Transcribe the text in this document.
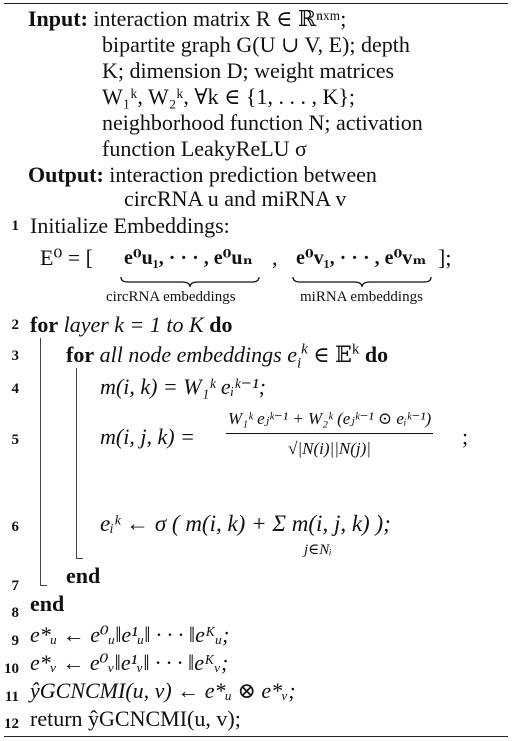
Input: interaction matrix R ∈ ℝⁿˣᵐ;
bipartite graph G(U ∪ V, E); depth
K; dimension D; weight matrices
W₁ᵏ, W₂ᵏ, ∀k ∈ {1, . . . , K};
neighborhood function N; activation
function LeakyReLU σ
Output: interaction prediction between
circRNA u and miRNA v
1 Initialize Embeddings:
E⁰ = [ e⁰u₁, · · · , e⁰uₙ , e⁰v₁, · · · , e⁰vₘ ];
circRNA embeddings	miRNA embeddings
2 for layer k = 1 to K do
3 for all node embeddings $e_i^k$ ∈ 𝔼$^k$ do
4	m(i, k) = W₁ᵏ eᵢᵏ⁻¹;
5	m(i, j, $k) = \frac{\text{W₁ᵏ eⱼᵏ⁻¹ + W₂ᵏ (eⱼᵏ⁻¹ ⊙ eᵢᵏ⁻¹)}}{√|N(i)||N(j)|}$ ;
6	eᵢᵏ ← σ ( m(i, k) + Σ m(i, j, k) );
j∈Nᵢ
7 end
8 end
9 e*ᵤ ← e⁰ᵤ‖e¹ᵤ‖ · · · ‖eᴷᵤ;
10 e*ᵥ ← e⁰ᵥ‖e¹ᵥ‖ · · · ‖eᴷᵥ;
11 ŷGCNCMI(u, v) ← e*ᵤ ⊗ e*ᵥ;
12 return ŷGCNCMI(u, v);
